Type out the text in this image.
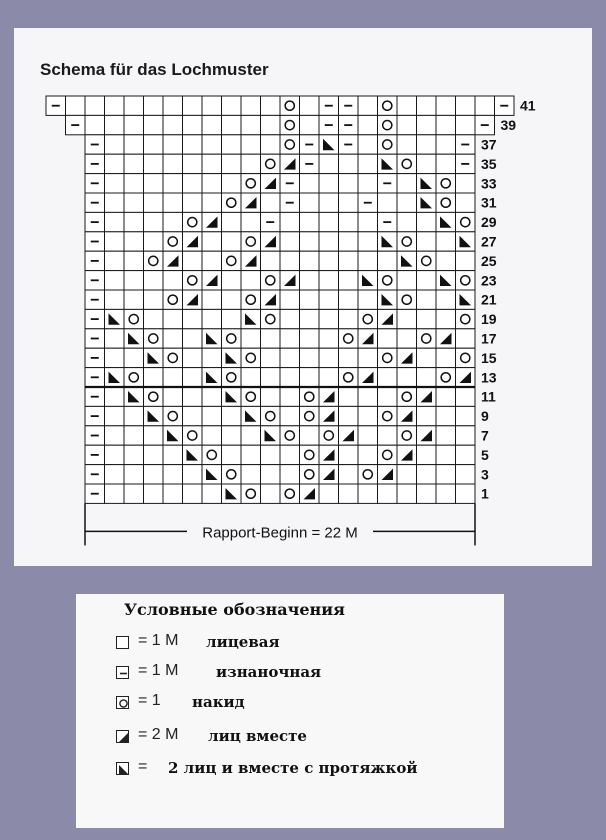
Schema für das Lochmuster
41
39
37
35
33
31
29
27
25
23
21
19
17
15
13
11
9
7
5
3
1
Rapport-Beginn = 22 M
Условные обозначения
= 1 M лицевая
= 1 M	изнаночная
= 1 накид
= 2 M лиц вместе
= 2 лиц и вместе с протяжкой
